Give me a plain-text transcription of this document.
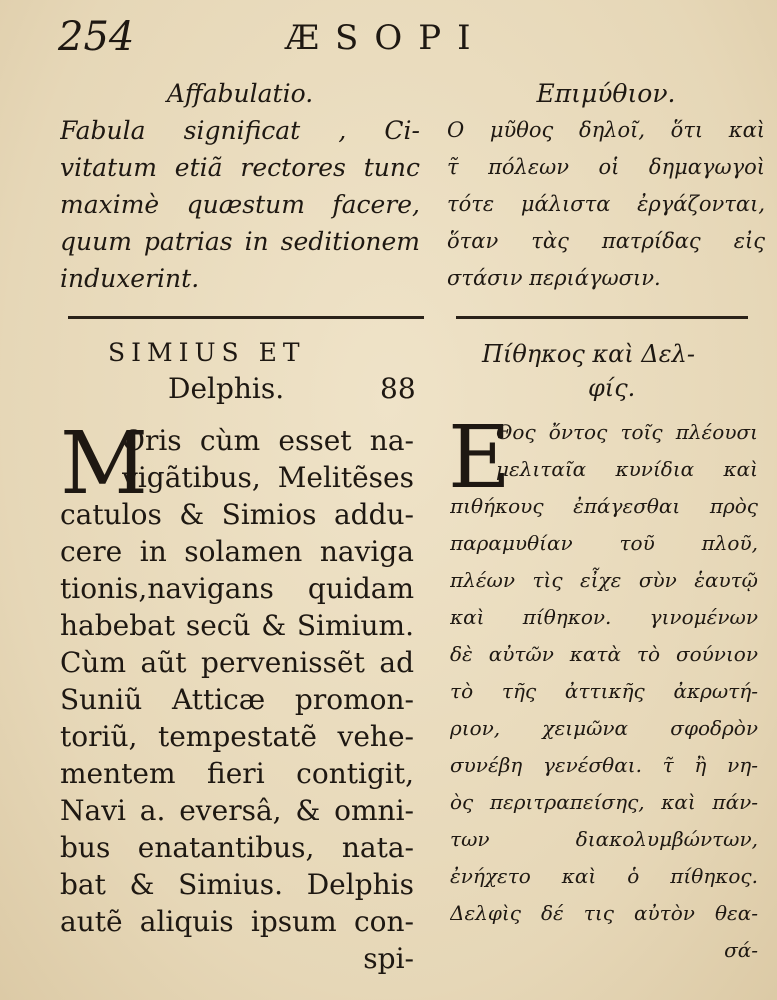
254	ÆSOPI
Affabulatio.
Fabula significat , Ci-
vitatum etiã rectores tunc
maximè quæstum facere,
quum patrias in seditionem
induxerint.
Επιμύθιον.
Ο μῦθος δηλοῖ, ὅτι καὶ
τ̃ πόλεων οἱ δημαγωγοὶ
τότε μάλιστα ἐργάζονται,
ὅταν τὰς πατρίδας εἰς
στάσιν περιάγωσιν.
SIMIUS ET
Delphis.	88
Πίθηκος καὶ Δελ-
φίς.
M
Oris cùm esset na-
vigãtibus, Melitẽses
catulos & Simios addu-
cere in solamen naviga
tionis,navigans quidam
habebat secũ & Simium.
Cùm aũt pervenissẽt ad
Suniũ Atticæ promon-
toriũ, tempestatẽ vehe-
mentem fieri contigit,
Navi a. eversâ, & omni-
bus enatantibus, nata-
bat & Simius. Delphis
autẽ aliquis ipsum con-
spi-
E
Θος ὄντος τοῖς πλέουσι
μελιταῖα κυνίδια καὶ
πιθήκους ἐπάγεσθαι πρὸς
παραμυθίαν τοῦ πλοῦ,
πλέων τὶς εἶχε σὺν ἑαυτῷ
καὶ πίθηκον. γινομένων
δὲ αὐτῶν κατὰ τὸ σούνιον
τὸ τῆς ἀττικῆς ἀκρωτή-
ριον, χειμῶνα σφοδρὸν
συνέβη γενέσθαι. τ̃ ἢ νη-
ὸς περιτραπείσης, καὶ πάν-
των διακολυμβώντων,
ἐνήχετο καὶ ὁ πίθηκος.
Δελφὶς δέ τις αὐτὸν θεα-
σά-
